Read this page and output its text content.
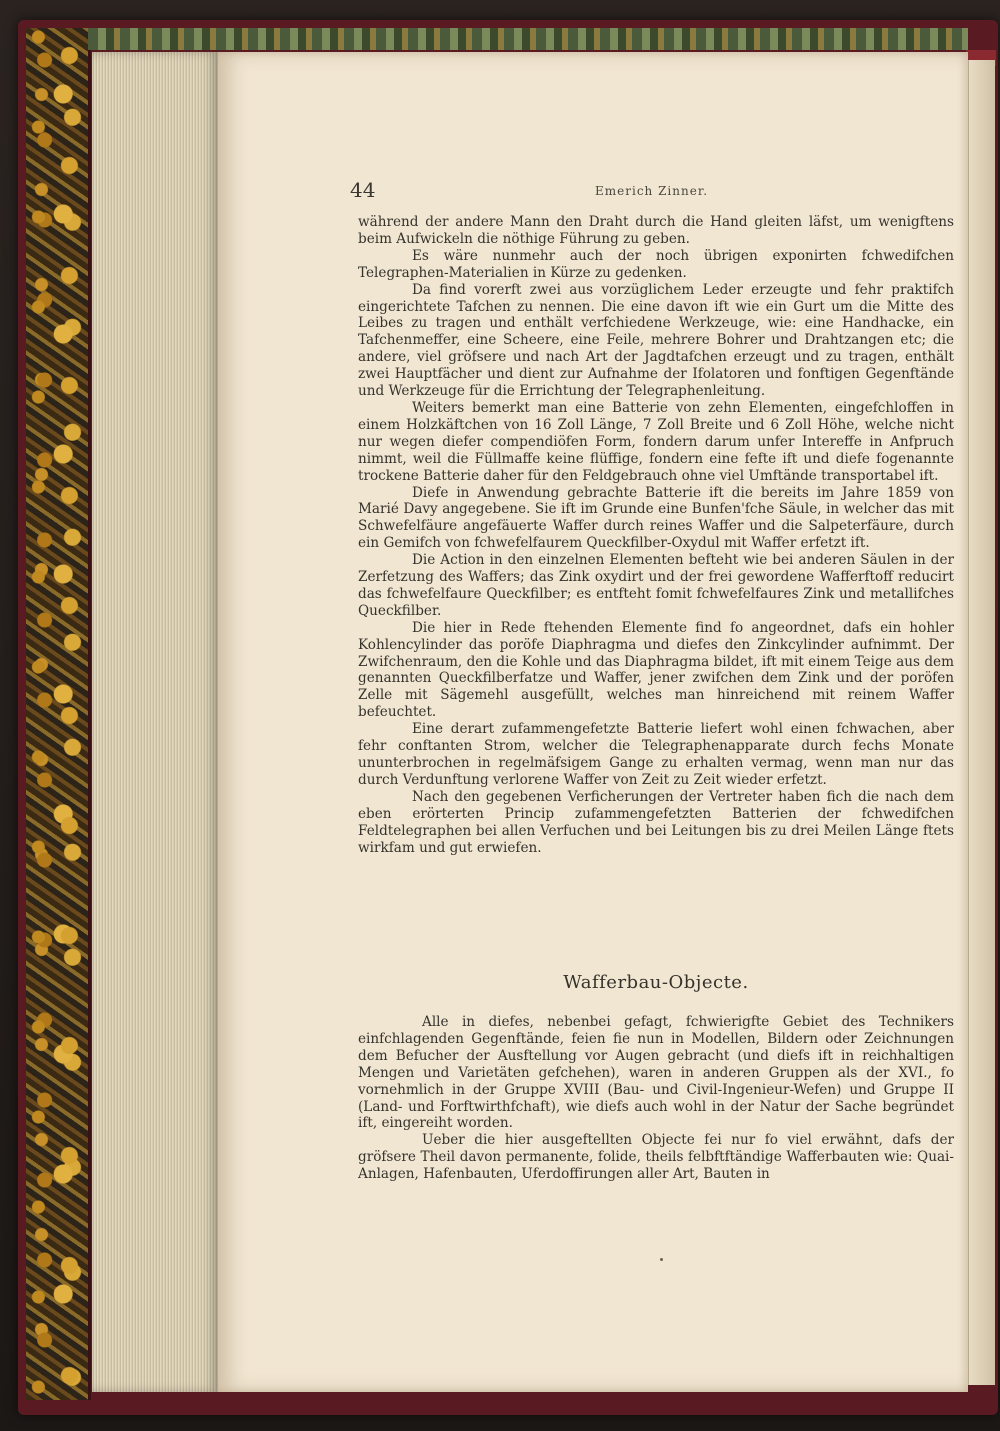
44	Emerich Zinner.

während der andere Mann den Draht durch die Hand gleiten läfst, um wenigftens beim Aufwickeln die nöthige Führung zu geben.

Es wäre nunmehr auch der noch übrigen exponirten fchwedifchen Telegraphen-Materialien in Kürze zu gedenken.

Da find vorerft zwei aus vorzüglichem Leder erzeugte und fehr praktifch eingerichtete Tafchen zu nennen. Die eine davon ift wie ein Gurt um die Mitte des Leibes zu tragen und enthält verfchiedene Werkzeuge, wie: eine Handhacke, ein Tafchenmeffer, eine Scheere, eine Feile, mehrere Bohrer und Drahtzangen etc; die andere, viel gröfsere und nach Art der Jagdtafchen erzeugt und zu tragen, enthält zwei Hauptfächer und dient zur Aufnahme der Ifolatoren und fonftigen Gegenftände und Werkzeuge für die Errichtung der Telegraphenleitung.

Weiters bemerkt man eine Batterie von zehn Elementen, eingefchloffen in einem Holzkäftchen von 16 Zoll Länge, 7 Zoll Breite und 6 Zoll Höhe, welche nicht nur wegen diefer compendiöfen Form, fondern darum unfer Intereffe in Anfpruch nimmt, weil die Füllmaffe keine flüffige, fondern eine fefte ift und diefe fogenannte trockene Batterie daher für den Feldgebrauch ohne viel Umftände transportabel ift.

Diefe in Anwendung gebrachte Batterie ift die bereits im Jahre 1859 von Marié Davy angegebene. Sie ift im Grunde eine Bunfen'fche Säule, in welcher das mit Schwefelfäure angefäuerte Waffer durch reines Waffer und die Salpeterfäure, durch ein Gemifch von fchwefelfaurem Queckfilber-Oxydul mit Waffer erfetzt ift.

Die Action in den einzelnen Elementen befteht wie bei anderen Säulen in der Zerfetzung des Waffers; das Zink oxydirt und der frei gewordene Wafferftoff reducirt das fchwefelfaure Queckfilber; es entfteht fomit fchwefelfaures Zink und metallifches Queckfilber.

Die hier in Rede ftehenden Elemente find fo angeordnet, dafs ein hohler Kohlencylinder das poröfe Diaphragma und diefes den Zinkcylinder aufnimmt. Der Zwifchenraum, den die Kohle und das Diaphragma bildet, ift mit einem Teige aus dem genannten Queckfilberfatze und Waffer, jener zwifchen dem Zink und der poröfen Zelle mit Sägemehl ausgefüllt, welches man hinreichend mit reinem Waffer befeuchtet.

Eine derart zufammengefetzte Batterie liefert wohl einen fchwachen, aber fehr conftanten Strom, welcher die Telegraphenapparate durch fechs Monate ununterbrochen in regelmäfsigem Gange zu erhalten vermag, wenn man nur das durch Verdunftung verlorene Waffer von Zeit zu Zeit wieder erfetzt.

Nach den gegebenen Verficherungen der Vertreter haben fich die nach dem eben erörterten Princip zufammengefetzten Batterien der fchwedifchen Feldtelegraphen bei allen Verfuchen und bei Leitungen bis zu drei Meilen Länge ftets wirkfam und gut erwiefen.

Wafferbau-Objecte.

Alle in diefes, nebenbei gefagt, fchwierigfte Gebiet des Technikers einfchlagenden Gegenftände, feien fie nun in Modellen, Bildern oder Zeichnungen dem Befucher der Ausftellung vor Augen gebracht (und diefs ift in reichhaltigen Mengen und Varietäten gefchehen), waren in anderen Gruppen als der XVI., fo vornehmlich in der Gruppe XVIII (Bau- und Civil-Ingenieur-Wefen) und Gruppe II (Land- und Forftwirthfchaft), wie diefs auch wohl in der Natur der Sache begründet ift, eingereiht worden.

Ueber die hier ausgeftellten Objecte fei nur fo viel erwähnt, dafs der gröfsere Theil davon permanente, folide, theils felbftftändige Wafferbauten wie: Quai-Anlagen, Hafenbauten, Uferdoffirungen aller Art, Bauten in
